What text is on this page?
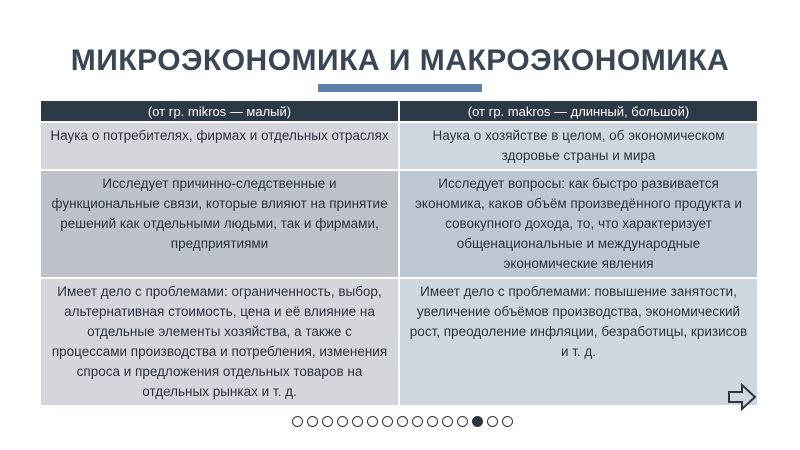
МИКРОЭКОНОМИКА И МАКРОЭКОНОМИКА
(от гр. mikros — малый)	(от гр. makros — длинный, большой)
Наука о потребителях, фирмах и отдельных отраслях	Наука о хозяйстве в целом, об экономическом здоровье страны и мира
Исследует причинно-следственные и функциональные связи, которые влияют на принятие решений как отдельными людьми, так и фирмами, предприятиями	Исследует вопросы: как быстро развивается экономика, каков объём произведённого продукта и совокупного дохода, то, что характеризует общенациональные и международные экономические явления
Имеет дело с проблемами: ограниченность, выбор, альтернативная стоимость, цена и её влияние на отдельные элементы хозяйства, а также с процессами производства и потребления, изменения спроса и предложения отдельных товаров на отдельных рынках и т. д.	Имеет дело с проблемами: повышение занятости, увеличение объёмов производства, экономический рост, преодоление инфляции, безработицы, кризисов и т. д.
